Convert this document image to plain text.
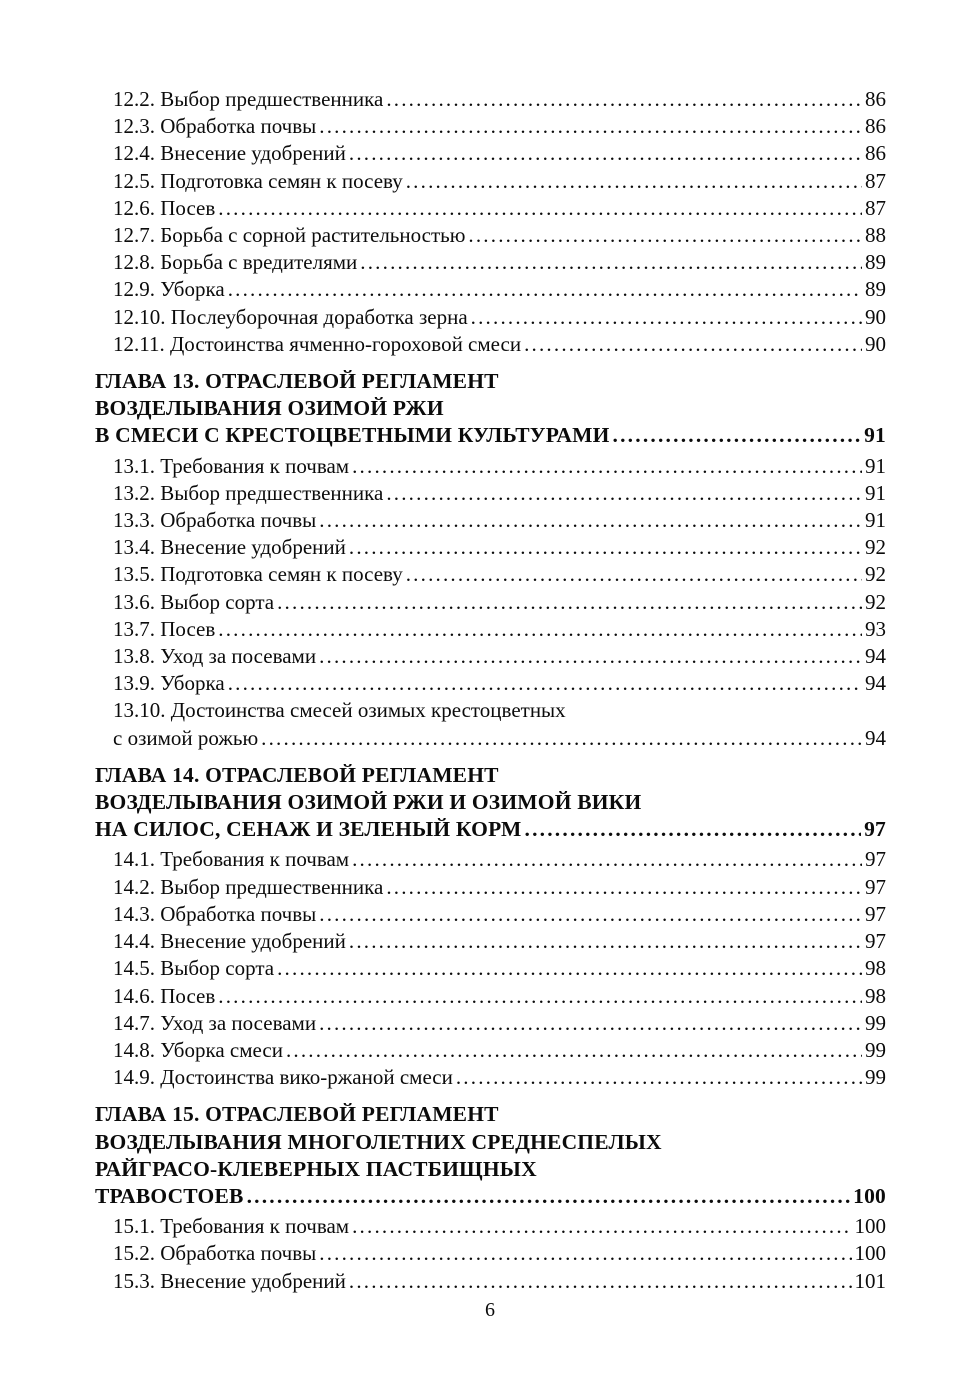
12.2. Выбор предшественника .....	86
12.3. Обработка почвы .....	86
12.4. Внесение удобрений .....	86
12.5. Подготовка семян к посеву .....	87
12.6. Посев .....	87
12.7. Борьба с сорной растительностью .....	88
12.8. Борьба с вредителями .....	89
12.9. Уборка .....	89
12.10. Послеуборочная доработка зерна .....	90
12.11. Достоинства ячменно-гороховой смеси .....	90
ГЛАВА 13. ОТРАСЛЕВОЙ РЕГЛАМЕНТ
ВОЗДЕЛЫВАНИЯ ОЗИМОЙ РЖИ
В СМЕСИ С КРЕСТОЦВЕТНЫМИ КУЛЬТУРАМИ .....	91
13.1. Требования к почвам .....	91
13.2. Выбор предшественника .....	91
13.3. Обработка почвы .....	91
13.4. Внесение удобрений .....	92
13.5. Подготовка семян к посеву .....	92
13.6. Выбор сорта .....	92
13.7. Посев .....	93
13.8. Уход за посевами .....	94
13.9. Уборка .....	94
13.10. Достоинства смесей озимых крестоцветных
с озимой рожью .....	94
ГЛАВА 14. ОТРАСЛЕВОЙ РЕГЛАМЕНТ
ВОЗДЕЛЫВАНИЯ ОЗИМОЙ РЖИ И ОЗИМОЙ ВИКИ
НА СИЛОС, СЕНАЖ И ЗЕЛЕНЫЙ КОРМ .....	97
14.1. Требования к почвам .....	97
14.2. Выбор предшественника .....	97
14.3. Обработка почвы .....	97
14.4. Внесение удобрений .....	97
14.5. Выбор сорта .....	98
14.6. Посев .....	98
14.7. Уход за посевами .....	99
14.8. Уборка смеси .....	99
14.9. Достоинства вико-ржаной смеси .....	99
ГЛАВА 15. ОТРАСЛЕВОЙ РЕГЛАМЕНТ
ВОЗДЕЛЫВАНИЯ МНОГОЛЕТНИХ СРЕДНЕСПЕЛЫХ
РАЙГРАСО-КЛЕВЕРНЫХ ПАСТБИЩНЫХ
ТРАВОСТОЕВ .....	100
15.1. Требования к почвам .....	100
15.2. Обработка почвы .....	100
15.3. Внесение удобрений .....	101
6
